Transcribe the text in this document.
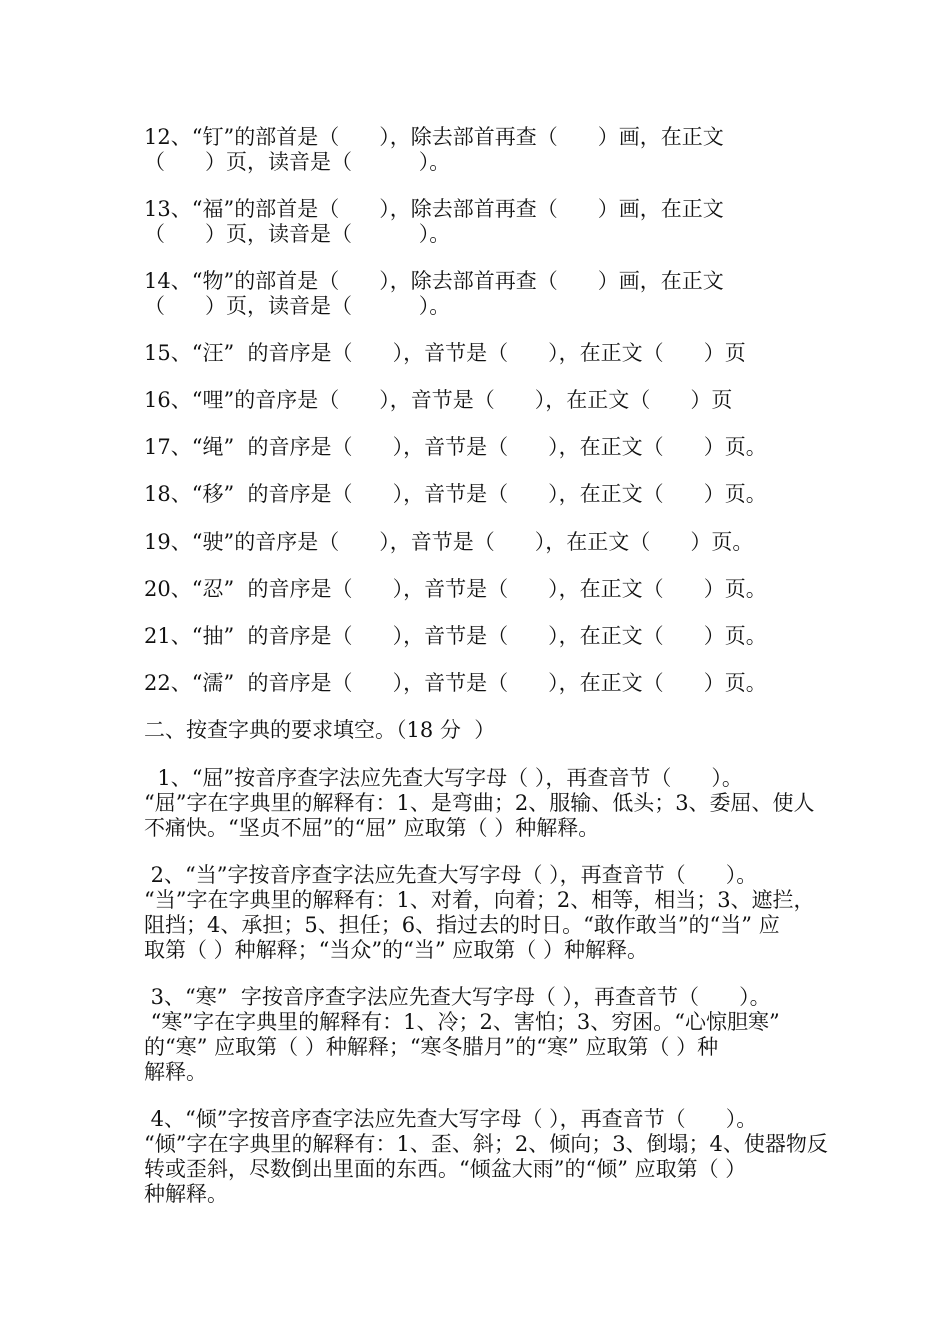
12、“钉”的部首是（      ），除去部首再查（      ）画，在正文
（      ）页，读音是（          ）。
13、“福”的部首是（      ），除去部首再查（      ）画，在正文
（      ）页，读音是（          ）。
14、“物”的部首是（      ），除去部首再查（      ）画，在正文
（      ）页，读音是（          ）。
15、“汪”  的音序是（      ），音节是（      ），在正文（      ）页
16、“哩”的音序是（      ），音节是（      ），在正文（      ）页
17、“绳”  的音序是（      ），音节是（      ），在正文（      ）页。
18、“移”  的音序是（      ），音节是（      ），在正文（      ）页。
19、“驶”的音序是（      ），音节是（      ），在正文（      ）页。
20、“忍”  的音序是（      ），音节是（      ），在正文（      ）页。
21、“抽”  的音序是（      ），音节是（      ），在正文（      ）页。
22、“濡”  的音序是（      ），音节是（      ），在正文（      ）页。
二、按查字典的要求填空。（18 分  ）
1、“屈”按音序查字法应先查大写字母（ ），再查音节（      ）。
“屈”字在字典里的解释有：1、是弯曲；2、服输、低头；3、委屈、使人
不痛快。“坚贞不屈”的“屈” 应取第（ ）种解释。
2、“当”字按音序查字法应先查大写字母（ ），再查音节（      ）。
“当”字在字典里的解释有：1、对着，向着；2、相等，相当；3、遮拦，
阻挡；4、承担；5、担任；6、指过去的时日。“敢作敢当”的“当” 应
取第（ ）种解释；“当众”的“当” 应取第（ ）种解释。
3、“寒”  字按音序查字法应先查大写字母（ ），再查音节（      ）。
“寒”字在字典里的解释有：1、冷；2、害怕；3、穷困。“心惊胆寒”
的“寒” 应取第（ ）种解释；“寒冬腊月”的“寒” 应取第（ ）种
解释。
4、“倾”字按音序查字法应先查大写字母（ ），再查音节（      ）。
“倾”字在字典里的解释有：1、歪、斜；2、倾向；3、倒塌；4、使器物反
转或歪斜，尽数倒出里面的东西。“倾盆大雨”的“倾” 应取第（ ）
种解释。
